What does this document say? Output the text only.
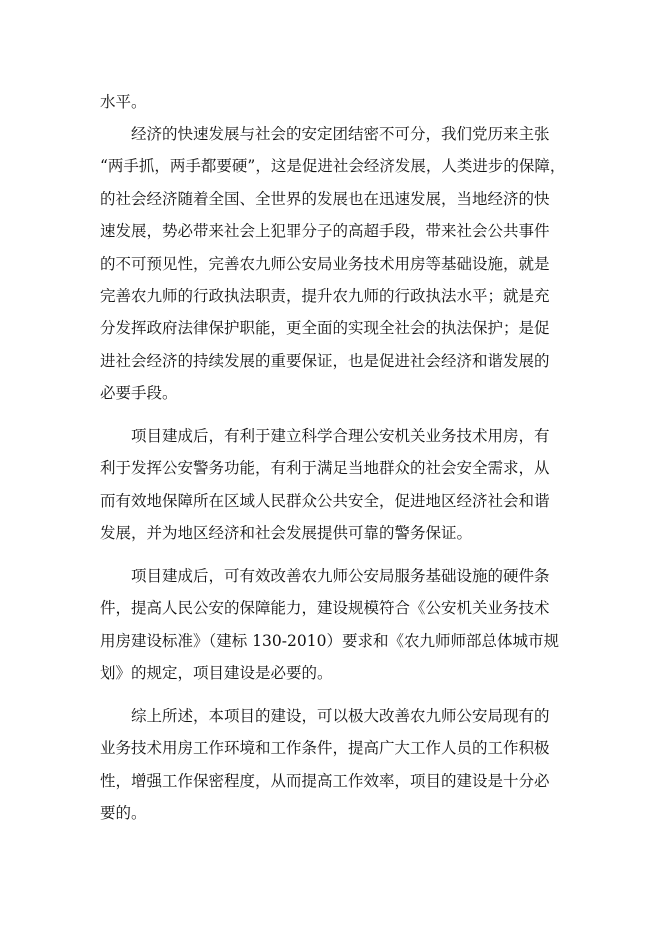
水平。
经济的快速发展与社会的安定团结密不可分，我们党历来主张
“两手抓，两手都要硬”，这是促进社会经济发展，人类进步的保障，
的社会经济随着全国、全世界的发展也在迅速发展，当地经济的快
速发展，势必带来社会上犯罪分子的高超手段，带来社会公共事件
的不可预见性，完善农九师公安局业务技术用房等基础设施，就是
完善农九师的行政执法职责，提升农九师的行政执法水平；就是充
分发挥政府法律保护职能，更全面的实现全社会的执法保护；是促
进社会经济的持续发展的重要保证，也是促进社会经济和谐发展的
必要手段。
项目建成后，有利于建立科学合理公安机关业务技术用房，有
利于发挥公安警务功能，有利于满足当地群众的社会安全需求，从
而有效地保障所在区域人民群众公共安全，促进地区经济社会和谐
发展，并为地区经济和社会发展提供可靠的警务保证。
项目建成后，可有效改善农九师公安局服务基础设施的硬件条
件，提高人民公安的保障能力，建设规模符合《公安机关业务技术
用房建设标准》（建标 130-2010）要求和《农九师师部总体城市规
划》的规定，项目建设是必要的。
综上所述，本项目的建设，可以极大改善农九师公安局现有的
业务技术用房工作环境和工作条件，提高广大工作人员的工作积极
性，增强工作保密程度，从而提高工作效率，项目的建设是十分必
要的。
